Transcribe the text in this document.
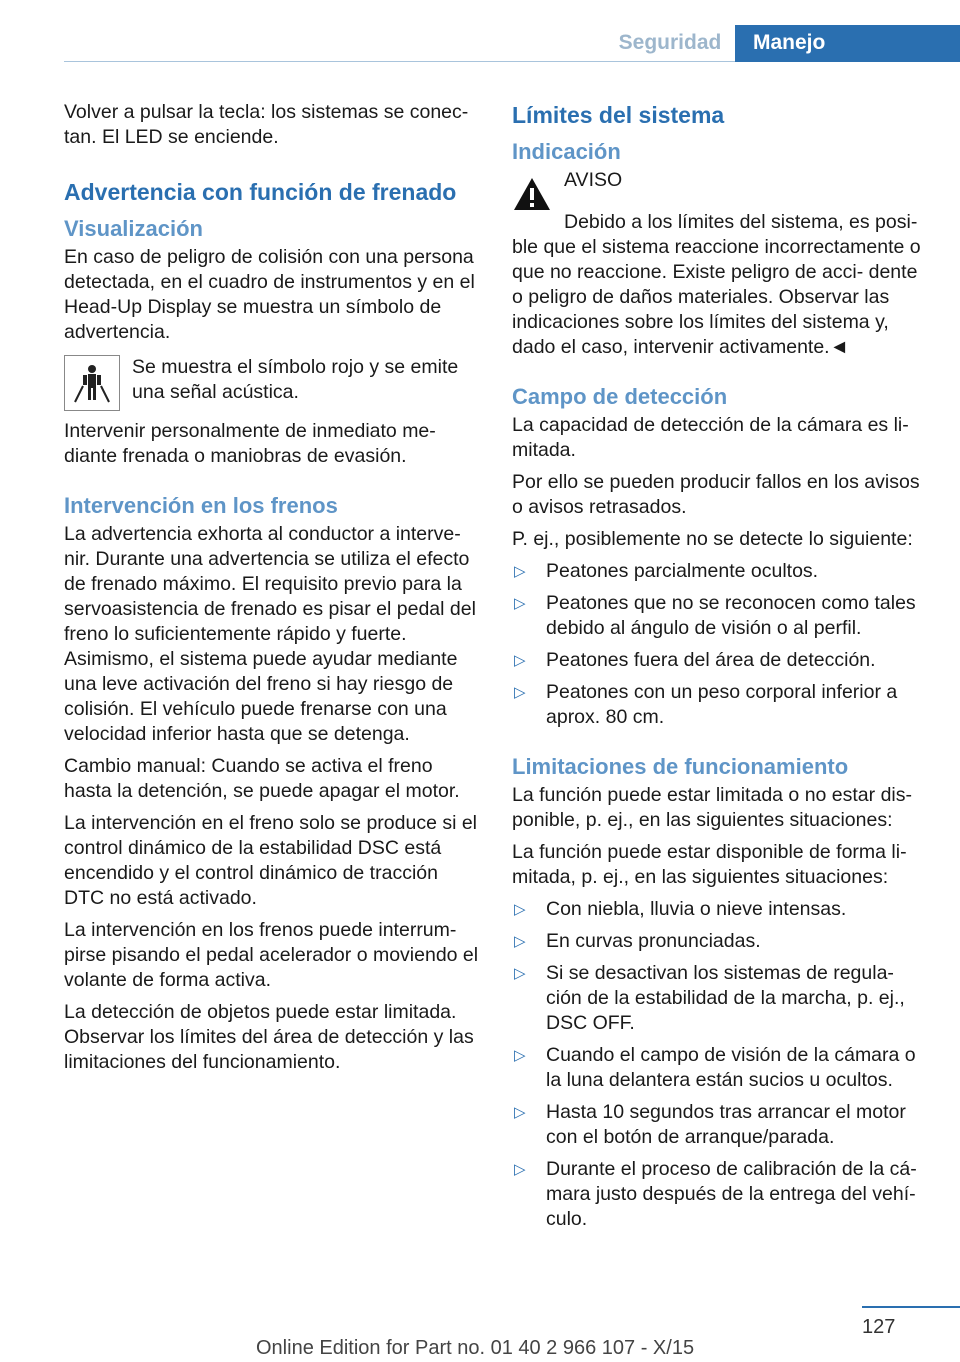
Seguridad	Manejo

Volver a pulsar la tecla: los sistemas se conec‐ tan. El LED se enciende.

Advertencia con función de frenado
Visualización

En caso de peligro de colisión con una persona detectada, en el cuadro de instrumentos y en el Head-Up Display se muestra un símbolo de advertencia.

Se muestra el símbolo rojo y se emite una señal acústica.

Intervenir personalmente de inmediato me‐ diante frenada o maniobras de evasión.

Intervención en los frenos

La advertencia exhorta al conductor a interve‐ nir. Durante una advertencia se utiliza el efecto de frenado máximo. El requisito previo para la servoasistencia de frenado es pisar el pedal del freno lo suficientemente rápido y fuerte. Asimismo, el sistema puede ayudar mediante una leve activación del freno si hay riesgo de colisión. El vehículo puede frenarse con una velocidad inferior hasta que se detenga.

Cambio manual: Cuando se activa el freno hasta la detención, se puede apagar el motor.

La intervención en el freno solo se produce si el control dinámico de la estabilidad DSC está encendido y el control dinámico de tracción DTC no está activado.

La intervención en los frenos puede interrum‐ pirse pisando el pedal acelerador o moviendo el volante de forma activa.

La detección de objetos puede estar limitada. Observar los límites del área de detección y las limitaciones del funcionamiento.

Límites del sistema
Indicación
AVISO

Debido a los límites del sistema, es posi‐ ble que el sistema reaccione incorrectamente o que no reaccione. Existe peligro de acci‐ dente o peligro de daños materiales. Observar las indicaciones sobre los límites del sistema y, dado el caso, intervenir activamente.◄

Campo de detección

La capacidad de detección de la cámara es li‐ mitada.

Por ello se pueden producir fallos en los avisos o avisos retrasados.

P. ej., posiblemente no se detecte lo siguiente:

▷ Peatones parcialmente ocultos.
▷ Peatones que no se reconocen como tales debido al ángulo de visión o al perfil.
▷ Peatones fuera del área de detección.
▷ Peatones con un peso corporal inferior a aprox. 80 cm.
Limitaciones de funcionamiento

La función puede estar limitada o no estar dis‐ ponible, p. ej., en las siguientes situaciones:

La función puede estar disponible de forma li‐ mitada, p. ej., en las siguientes situaciones:

▷ Con niebla, lluvia o nieve intensas.
▷ En curvas pronunciadas.
▷ Si se desactivan los sistemas de regula‐ ción de la estabilidad de la marcha, p. ej., DSC OFF.
▷ Cuando el campo de visión de la cámara o la luna delantera están sucios u ocultos.
▷ Hasta 10 segundos tras arrancar el motor con el botón de arranque/parada.
▷ Durante el proceso de calibración de la cá‐ mara justo después de la entrega del vehí‐ culo.
127
Online Edition for Part no. 01 40 2 966 107 - X/15
